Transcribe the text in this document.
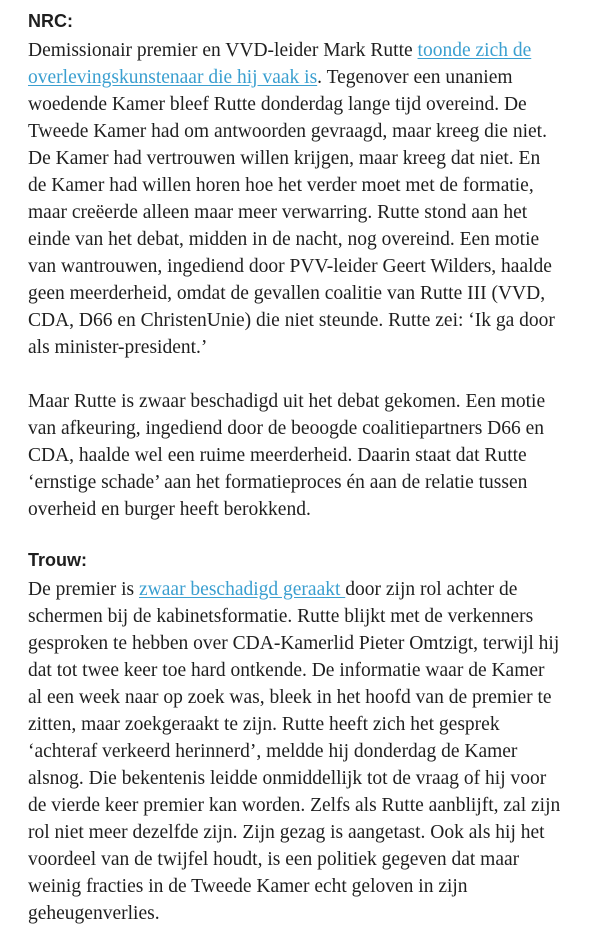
NRC:

Demissionair premier en VVD-leider Mark Rutte toonde zich de overlevingskunstenaar die hij vaak is. Tegenover een unaniem woedende Kamer bleef Rutte donderdag lange tijd overeind. De Tweede Kamer had om antwoorden gevraagd, maar kreeg die niet. De Kamer had vertrouwen willen krijgen, maar kreeg dat niet. En de Kamer had willen horen hoe het verder moet met de formatie, maar creëerde alleen maar meer verwarring. Rutte stond aan het einde van het debat, midden in de nacht, nog overeind. Een motie van wantrouwen, ingediend door PVV-leider Geert Wilders, haalde geen meerderheid, omdat de gevallen coalitie van Rutte III (VVD, CDA, D66 en ChristenUnie) die niet steunde. Rutte zei: ‘Ik ga door als minister-president.’

Maar Rutte is zwaar beschadigd uit het debat gekomen. Een motie van afkeuring, ingediend door de beoogde coalitiepartners D66 en CDA, haalde wel een ruime meerderheid. Daarin staat dat Rutte ‘ernstige schade’ aan het formatieproces én aan de relatie tussen overheid en burger heeft berokkend.

Trouw:

De premier is zwaar beschadigd geraakt door zijn rol achter de schermen bij de kabinetsformatie. Rutte blijkt met de verkenners gesproken te hebben over CDA-Kamerlid Pieter Omtzigt, terwijl hij dat tot twee keer toe hard ontkende. De informatie waar de Kamer al een week naar op zoek was, bleek in het hoofd van de premier te zitten, maar zoekgeraakt te zijn. Rutte heeft zich het gesprek ‘achteraf verkeerd herinnerd’, meldde hij donderdag de Kamer alsnog. Die bekentenis leidde onmiddellijk tot de vraag of hij voor de vierde keer premier kan worden. Zelfs als Rutte aanblijft, zal zijn rol niet meer dezelfde zijn. Zijn gezag is aangetast. Ook als hij het voordeel van de twijfel houdt, is een politiek gegeven dat maar weinig fracties in de Tweede Kamer echt geloven in zijn geheugenverlies.
